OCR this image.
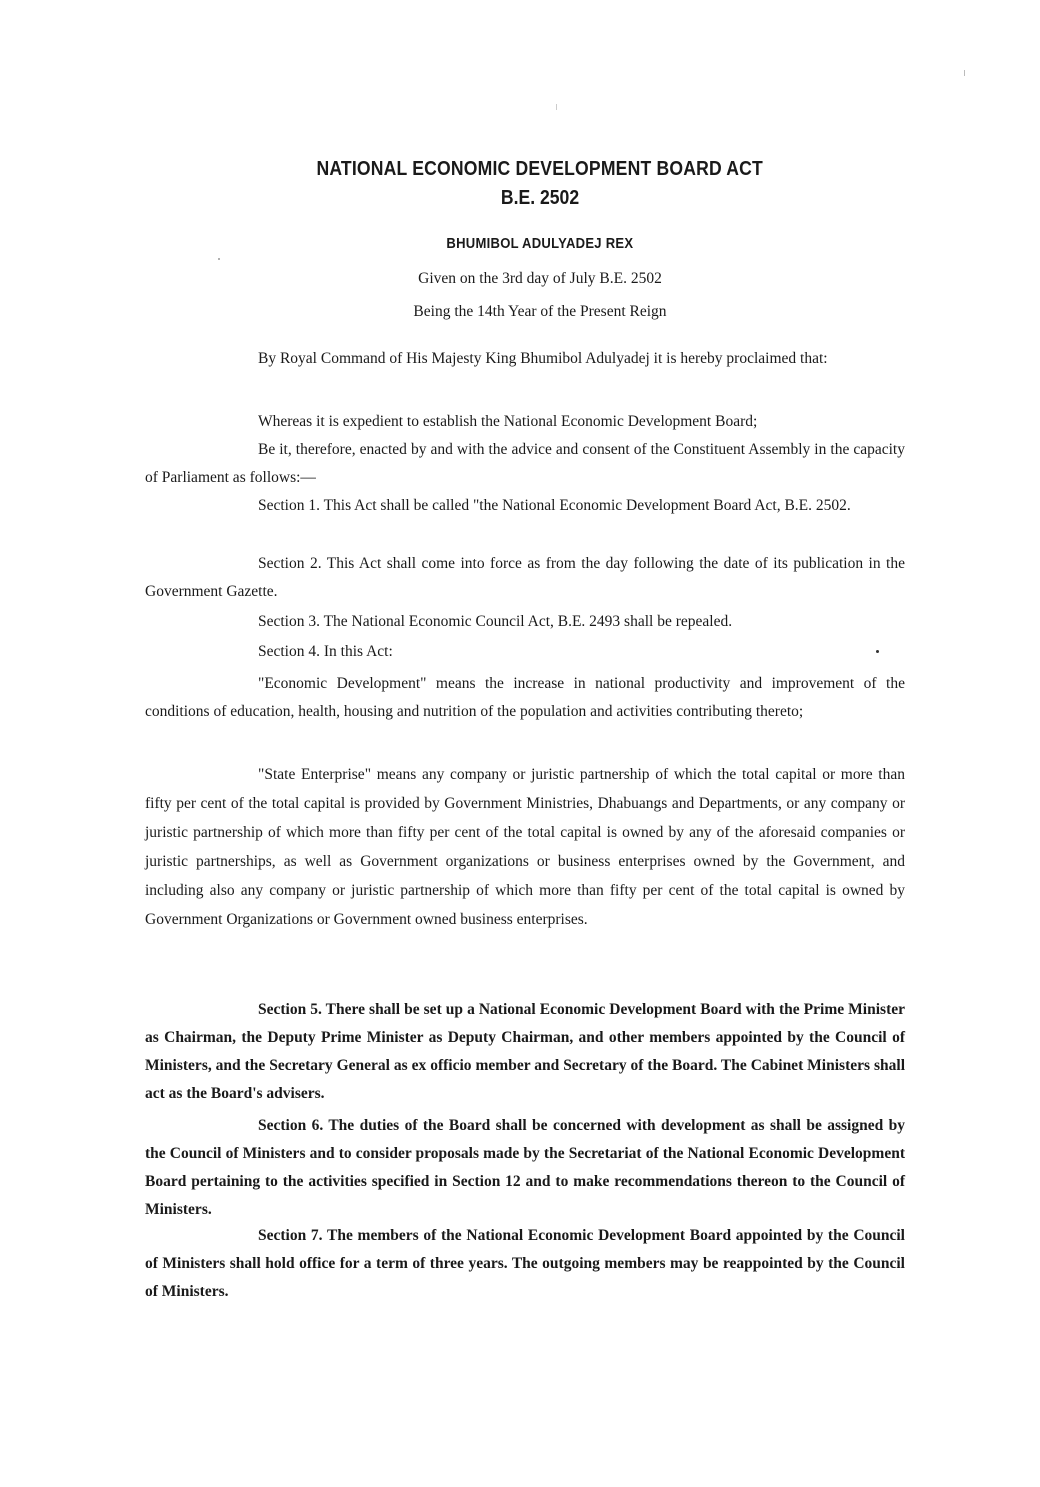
NATIONAL ECONOMIC DEVELOPMENT BOARD ACT
B.E. 2502
BHUMIBOL ADULYADEJ REX
Given on the 3rd day of July B.E. 2502
Being the 14th Year of the Present Reign

By Royal Command of His Majesty King Bhumibol Adulyadej it is hereby proclaimed that:

Whereas it is expedient to establish the National Economic Development Board;

Be it, therefore, enacted by and with the advice and consent of the Constituent Assembly in the capacity of Parliament as follows:—

Section 1. This Act shall be called "the National Economic Development Board Act, B.E. 2502.

Section 2. This Act shall come into force as from the day following the date of its publication in the Government Gazette.

Section 3. The National Economic Council Act, B.E. 2493 shall be repealed.

Section 4. In this Act:

"Economic Development" means the increase in national productivity and improvement of the conditions of education, health, housing and nutrition of the population and activities contributing thereto;

"State Enterprise" means any company or juristic partnership of which the total capital or more than fifty per cent of the total capital is provided by Government Ministries, Dhabuangs and Departments, or any company or juristic partnership of which more than fifty per cent of the total capital is owned by any of the aforesaid companies or juristic partnerships, as well as Government organizations or business enterprises owned by the Government, and including also any company or juristic partnership of which more than fifty per cent of the total capital is owned by Government Organizations or Government owned business enterprises.

Section 5. There shall be set up a National Economic Development Board with the Prime Minister as Chairman, the Deputy Prime Minister as Deputy Chairman, and other members appointed by the Council of Ministers, and the Secretary General as ex officio member and Secretary of the Board. The Cabinet Ministers shall act as the Board's advisers.

Section 6. The duties of the Board shall be concerned with development as shall be assigned by the Council of Ministers and to consider proposals made by the Secretariat of the National Economic Development Board pertaining to the activities specified in Section 12 and to make recommendations thereon to the Council of Ministers.

Section 7. The members of the National Economic Development Board appointed by the Council of Ministers shall hold office for a term of three years. The outgoing members may be reappointed by the Council of Ministers.
